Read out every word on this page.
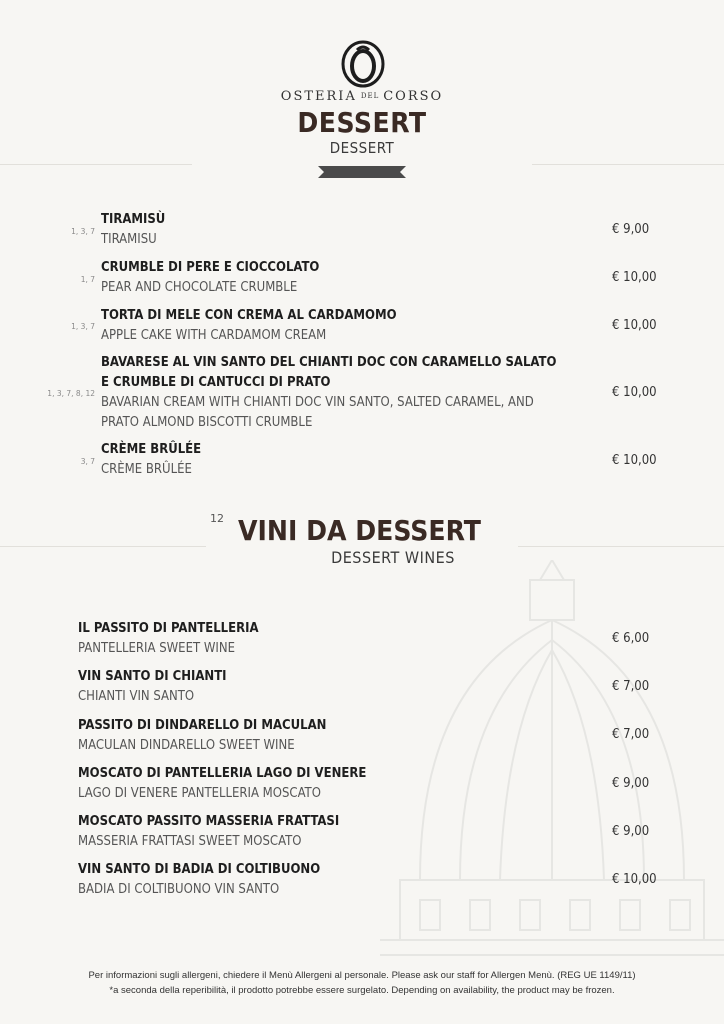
OSTERIA DEL CORSO
DESSERT
DESSERT
1, 3, 7
TIRAMISÙ
TIRAMISU
€ 9,00
1, 7
CRUMBLE DI PERE E CIOCCOLATO
PEAR AND CHOCOLATE CRUMBLE
€ 10,00
1, 3, 7
TORTA DI MELE CON CREMA AL CARDAMOMO
APPLE CAKE WITH CARDAMOM CREAM
€ 10,00
1, 3, 7, 8, 12
BAVARESE AL VIN SANTO DEL CHIANTI DOC CON CARAMELLO SALATO
E CRUMBLE DI CANTUCCI DI PRATO
BAVARIAN CREAM WITH CHIANTI DOC VIN SANTO, SALTED CARAMEL, AND
PRATO ALMOND BISCOTTI CRUMBLE
€ 10,00
3, 7
CRÈME BRÛLÉE
CRÈME BRÛLÉE
€ 10,00
12 VINI DA DESSERT
DESSERT WINES
IL PASSITO DI PANTELLERIA
PANTELLERIA SWEET WINE
€ 6,00
VIN SANTO DI CHIANTI
CHIANTI VIN SANTO
€ 7,00
PASSITO DI DINDARELLO DI MACULAN
MACULAN DINDARELLO SWEET WINE
€ 7,00
MOSCATO DI PANTELLERIA LAGO DI VENERE
LAGO DI VENERE PANTELLERIA MOSCATO
€ 9,00
MOSCATO PASSITO MASSERIA FRATTASI
MASSERIA FRATTASI SWEET MOSCATO
€ 9,00
VIN SANTO DI BADIA DI COLTIBUONO
BADIA DI COLTIBUONO VIN SANTO
€ 10,00
Per informazioni sugli allergeni, chiedere il Menù Allergeni al personale. Please ask our staff for Allergen Menù. (REG UE 1149/11)
*a seconda della reperibilità, il prodotto potrebbe essere surgelato. Depending on availability, the product may be frozen.
